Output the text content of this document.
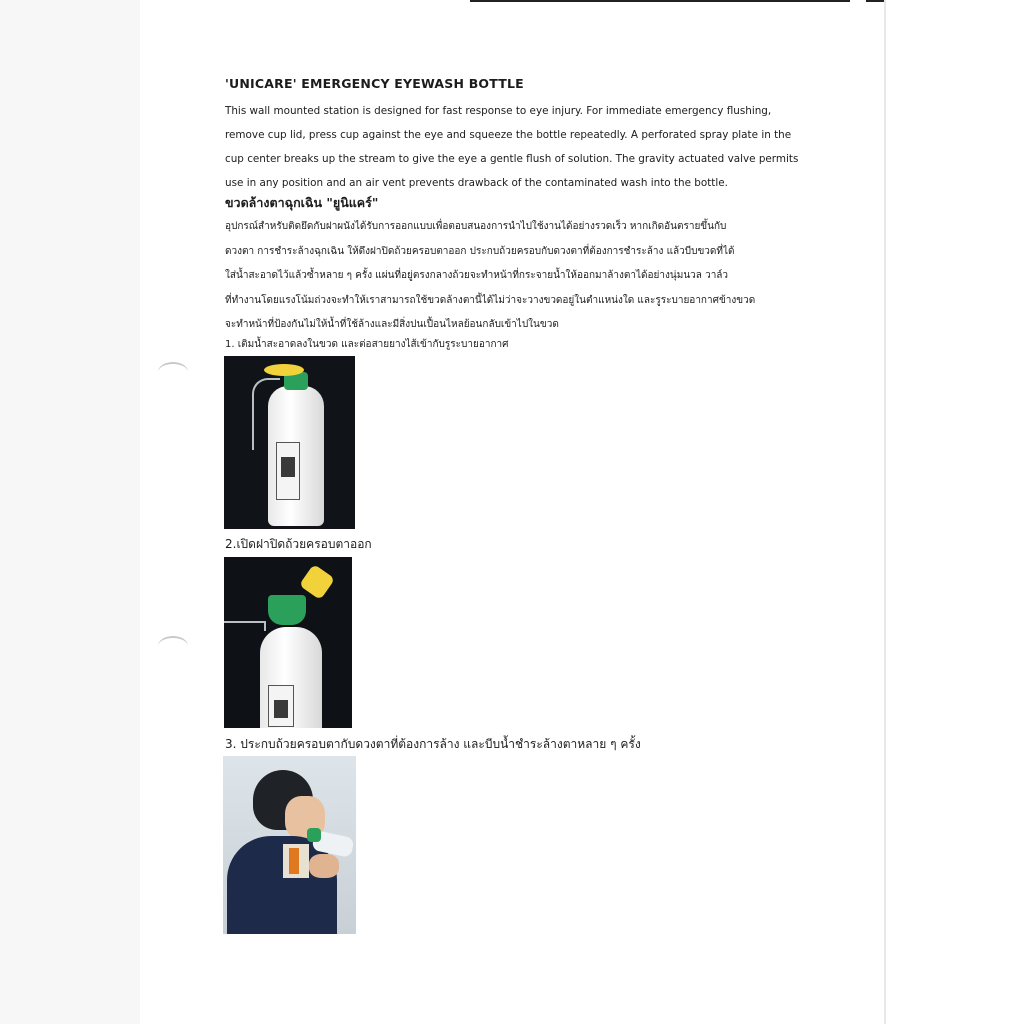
'UNICARE' EMERGENCY EYEWASH BOTTLE
This wall mounted station is designed for fast response to eye injury. For immediate emergency flushing,
remove cup lid, press cup against the eye and squeeze the bottle repeatedly. A perforated spray plate in the
cup center breaks up the stream to give the eye a gentle flush of solution. The gravity actuated valve permits
use in any position and an air vent prevents drawback of the contaminated wash into the bottle.
ขวดล้างตาฉุกเฉิน "ยูนิแคร์"
อุปกรณ์สำหรับติดยึดกับฝาผนังได้รับการออกแบบเพื่อตอบสนองการนำไปใช้งานได้อย่างรวดเร็ว หากเกิดอันตรายขึ้นกับ
ดวงตา การชำระล้างฉุกเฉิน ให้ดึงฝาปิดถ้วยครอบตาออก ประกบถ้วยครอบกับดวงตาที่ต้องการชำระล้าง แล้วบีบขวดที่ได้
ใส่น้ำสะอาดไว้แล้วซ้ำหลาย ๆ ครั้ง แผ่นที่อยู่ตรงกลางถ้วยจะทำหน้าที่กระจายน้ำให้ออกมาล้างตาได้อย่างนุ่มนวล วาล์ว
ที่ทำงานโดยแรงโน้มถ่วงจะทำให้เราสามารถใช้ขวดล้างตานี้ได้ไม่ว่าจะวางขวดอยู่ในตำแหน่งใด และรูระบายอากาศข้างขวด
จะทำหน้าที่ป้องกันไม่ให้น้ำที่ใช้ล้างและมีสิ่งปนเปื้อนไหลย้อนกลับเข้าไปในขวด
1. เติมน้ำสะอาดลงในขวด และต่อสายยางไส้เข้ากับรูระบายอากาศ
2.เปิดฝาปิดถ้วยครอบตาออก
3. ประกบถ้วยครอบตากับดวงตาที่ต้องการล้าง และบีบน้ำชำระล้างตาหลาย ๆ ครั้ง
